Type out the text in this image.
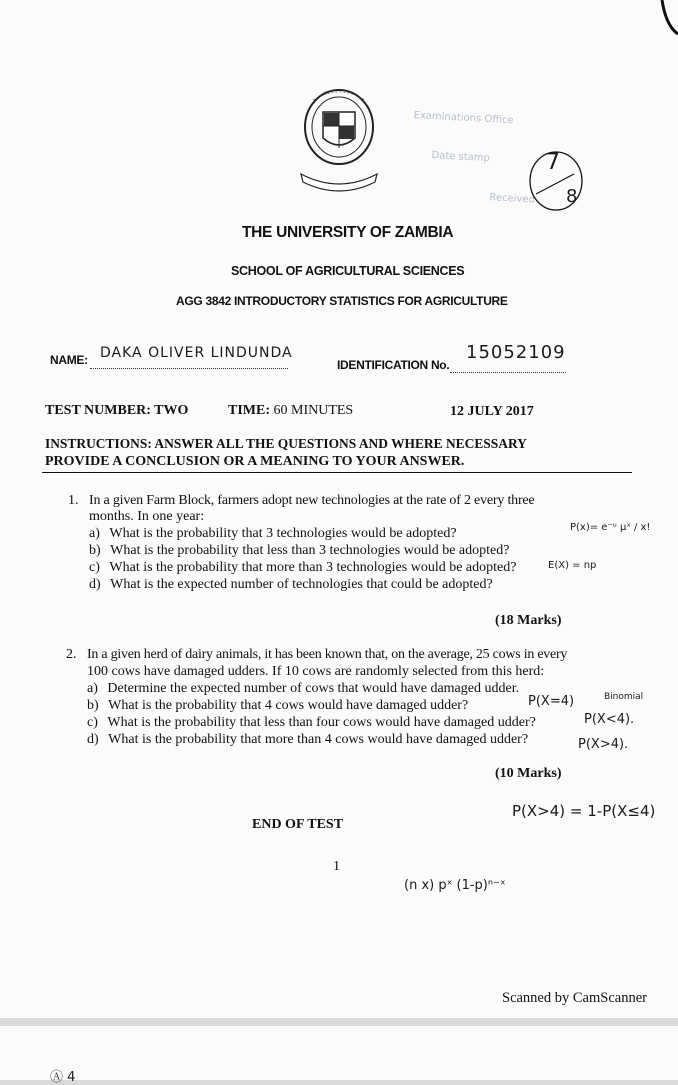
Examinations Office
Date stamp
Received
7
8
THE UNIVERSITY OF ZAMBIA
SCHOOL OF AGRICULTURAL SCIENCES
AGG 3842 INTRODUCTORY STATISTICS FOR AGRICULTURE
NAME: DAKA OLIVER LINDUNDA
IDENTIFICATION No.
15052109
TEST NUMBER: TWO	TIME: 60 MINUTES	12 JULY 2017
INSTRUCTIONS: ANSWER ALL THE QUESTIONS AND WHERE NECESSARY
PROVIDE A CONCLUSION OR A MEANING TO YOUR ANSWER.
1. In a given Farm Block, farmers adopt new technologies at the rate of 2 every three
months. In one year:
a) What is the probability that 3 technologies would be adopted?
b) What is the probability that less than 3 technologies would be adopted?
c) What is the probability that more than 3 technologies would be adopted?
d) What is the expected number of technologies that could be adopted?
(18 Marks)
P(x)= e⁻ᵘ μˣ / x!
E(X) = np
2. In a given herd of dairy animals, it has been known that, on the average, 25 cows in every
100 cows have damaged udders. If 10 cows are randomly selected from this herd:
a) Determine the expected number of cows that would have damaged udder.
b) What is the probability that 4 cows would have damaged udder?
c) What is the probability that less than four cows would have damaged udder?
d) What is the probability that more than 4 cows would have damaged udder?
(10 Marks)
Binomial
P(X=4)
P(X<4).
P(X>4).
P(X>4) = 1-P(X≤4)
END OF TEST
1
(n x) pˣ (1-p)ⁿ⁻ˣ
Scanned by CamScanner
Ⓐ 4
